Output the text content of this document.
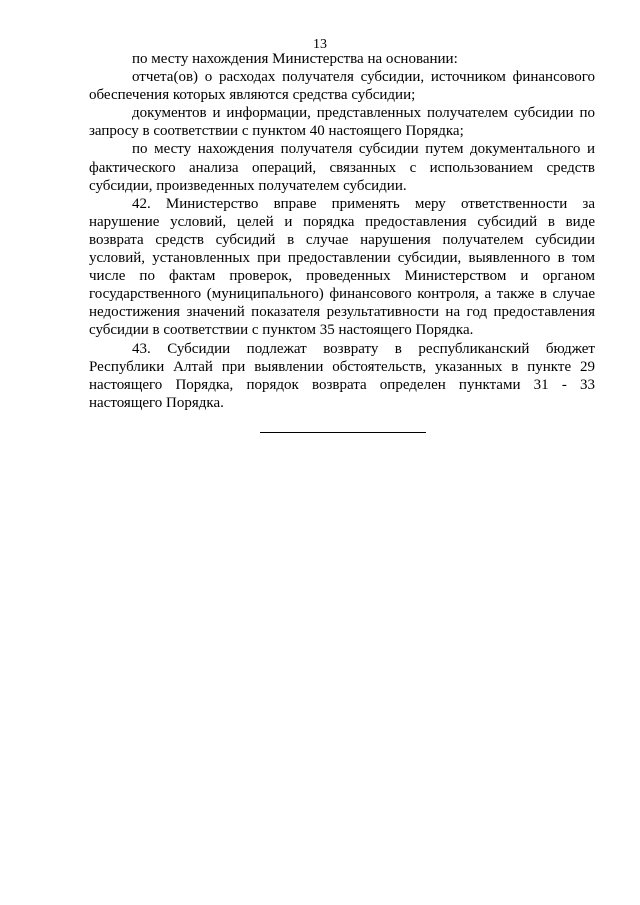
13

по месту нахождения Министерства на основании:

отчета(ов) о расходах получателя субсидии, источником финансового обеспечения которых являются средства субсидии;

документов и информации, представленных получателем субсидии по запросу в соответствии с пунктом 40 настоящего Порядка;

по месту нахождения получателя субсидии путем документального и фактического анализа операций, связанных с использованием средств субсидии, произведенных получателем субсидии.

42. Министерство вправе применять меру ответственности за нарушение условий, целей и порядка предоставления субсидий в виде возврата средств субсидий в случае нарушения получателем субсидии условий, установленных при предоставлении субсидии, выявленного в том числе по фактам проверок, проведенных Министерством и органом государственного (муниципального) финансового контроля, а также в случае недостижения значений показателя результативности на год предоставления субсидии в соответствии с пунктом 35 настоящего Порядка.

43. Субсидии подлежат возврату в республиканский бюджет Республики Алтай при выявлении обстоятельств, указанных в пункте 29 настоящего Порядка, порядок возврата определен пунктами 31 - 33 настоящего Порядка.
